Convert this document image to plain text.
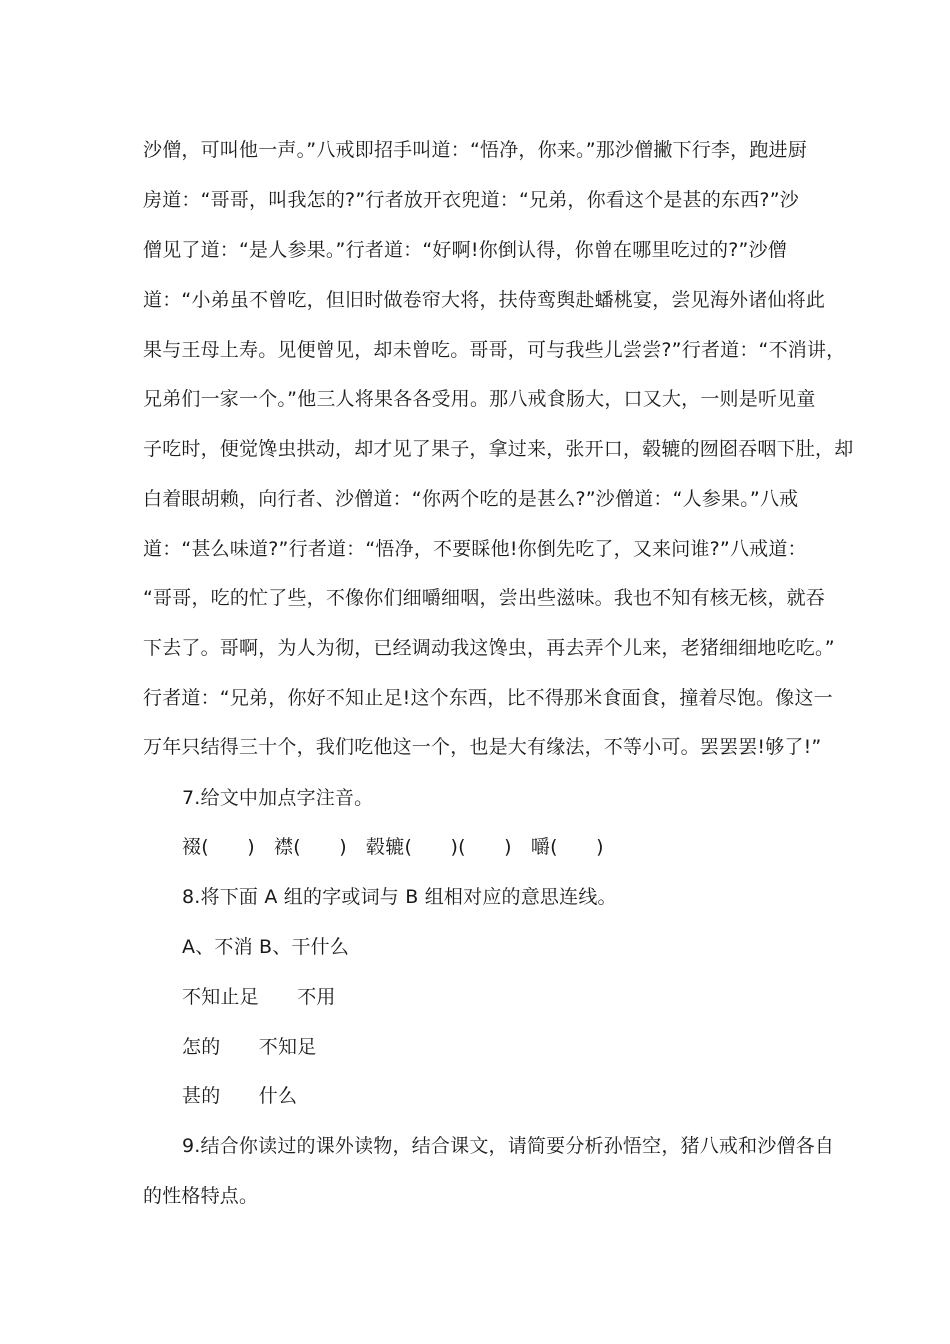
沙僧，可叫他一声。”八戒即招手叫道：“悟净，你来。”那沙僧撇下行李，跑进厨
房道：“哥哥，叫我怎的?”行者放开衣兜道：“兄弟，你看这个是甚的东西?”沙
僧见了道：“是人参果。”行者道：“好啊!你倒认得，你曾在哪里吃过的?”沙僧
道：“小弟虽不曾吃，但旧时做卷帘大将，扶侍鸾舆赴蟠桃宴，尝见海外诸仙将此
果与王母上寿。见便曾见，却未曾吃。哥哥，可与我些儿尝尝?”行者道：“不消讲，
兄弟们一家一个。”他三人将果各各受用。那八戒食肠大，口又大，一则是听见童
子吃时，便觉馋虫拱动，却才见了果子，拿过来，张开口，毂辘的囫囵吞咽下肚，却
白着眼胡赖，向行者、沙僧道：“你两个吃的是甚么?”沙僧道：“人参果。”八戒
道：“甚么味道?”行者道：“悟净，不要睬他!你倒先吃了，又来问谁?”八戒道：
“哥哥，吃的忙了些，不像你们细嚼细咽，尝出些滋味。我也不知有核无核，就吞
下去了。哥啊，为人为彻，已经调动我这馋虫，再去弄个儿来，老猪细细地吃吃。”
行者道：“兄弟，你好不知止足!这个东西，比不得那米食面食，撞着尽饱。像这一
万年只结得三十个，我们吃他这一个，也是大有缘法，不等小可。罢罢罢!够了!”
7.给文中加点字注音。
裰(　　)　襟(　　)　毂辘(　　)(　　)　嚼(　　)
8.将下面 A 组的字或词与 B 组相对应的意思连线。
A、不消 B、干什么
不知止足　　不用
怎的　　不知足
甚的　　什么
9.结合你读过的课外读物，结合课文，请简要分析孙悟空，猪八戒和沙僧各自
的性格特点。
